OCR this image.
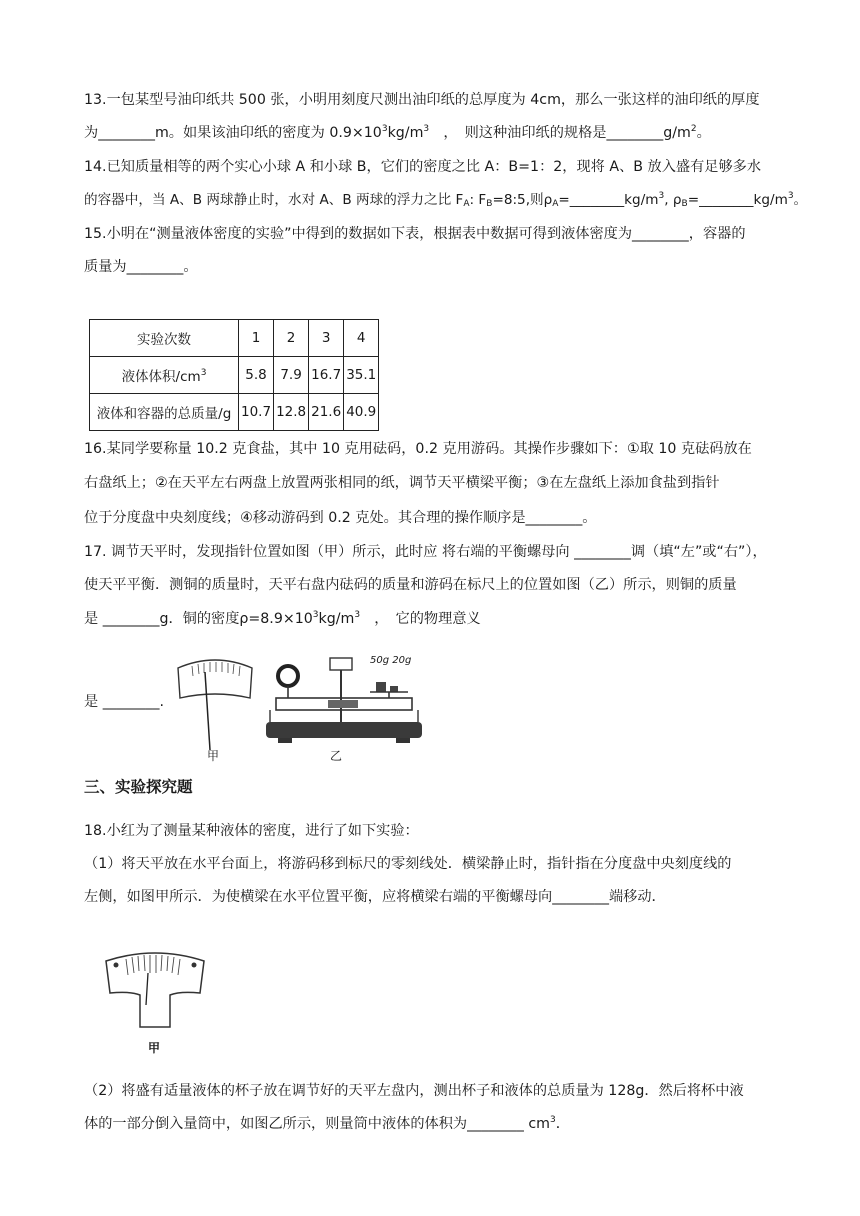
13.一包某型号油印纸共 500 张，小明用刻度尺测出油印纸的总厚度为 4cm，那么一张这样的油印纸的厚度
为________m。如果该油印纸的密度为 $0.9\times 10^3kg/m^3$　，　则这种油印纸的规格是$\_\_\_\_\_\_\_\_g/m^2$。
14.已知质量相等的两个实心小球 A 和小球 B，它们的密度之比 A：B=1：2，现将 A、B 放入盛有足够多水
的容器中，当 A、B 两球静止时，水对 A、B 两球的浮力之比 $F_A$: $F_B=8:5$,则$\rho_A=\_\_\_\_\_\_\_\_kg/m^3$, $\rho_B=\_\_\_\_\_\_\_\_kg/m^3$。
15.小明在“测量液体密度的实验”中得到的数据如下表，根据表中数据可得到液体密度为________，容器的
质量为________。
实验次数	1	2	3	4
液体体积$/cm^3$	5.8	7.9	16.7	35.1
液体和容器的总质量/g	10.7	12.8	21.6	40.9
16.某同学要称量 10.2 克食盐，其中 10 克用砝码，0.2 克用游码。其操作步骤如下：①取 10 克砝码放在
右盘纸上；②在天平左右两盘上放置两张相同的纸，调节天平横梁平衡；③在左盘纸上添加食盐到指针
位于分度盘中央刻度线；④移动游码到 0.2 克处。其合理的操作顺序是________。
17. 调节天平时，发现指针位置如图（甲）所示，此时应 将右端的平衡螺母向 ________调（填“左”或“右”），
使天平平衡．测铜的质量时，天平右盘内砝码的质量和游码在标尺上的位置如图（乙）所示，则铜的质量
是 ________g．铜的密度$\rho=8.9\times 10^3kg/m^3$　，　它的物理意义
是 ________.
甲
50g 20g
乙
三、实验探究题
18.小红为了测量某种液体的密度，进行了如下实验：
（1）将天平放在水平台面上，将游码移到标尺的零刻线处．横梁静止时，指针指在分度盘中央刻度线的
左侧，如图甲所示．为使横梁在水平位置平衡，应将横梁右端的平衡螺母向________端移动．
甲
（2）将盛有适量液体的杯子放在调节好的天平左盘内，测出杯子和液体的总质量为 128g．然后将杯中液
体的一部分倒入量筒中，如图乙所示，则量筒中液体的体积为________ $cm^3$．
